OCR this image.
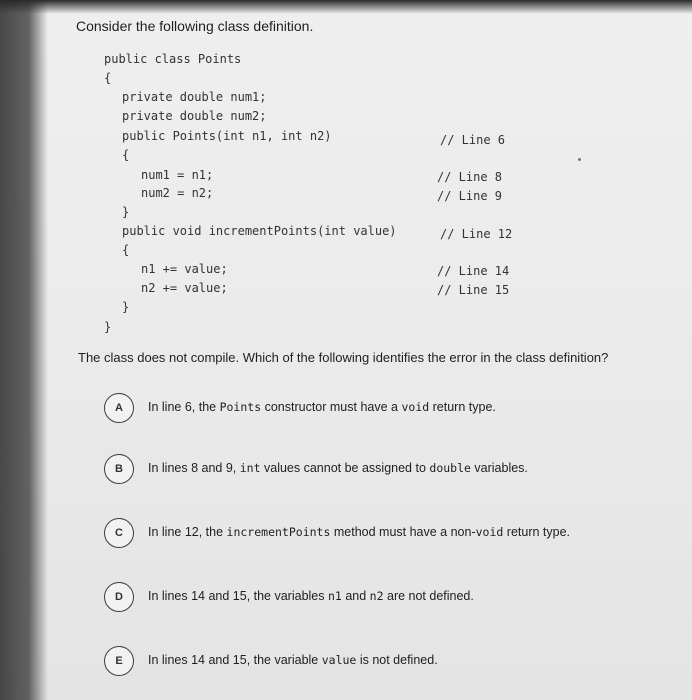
Consider the following class definition.
public class Points
{
private double num1;
private double num2;
public Points(int n1, int n2)
{
num1 = n1;
num2 = n2;
}
public void incrementPoints(int value)
{
n1 += value;
n2 += value;
}
}
// Line 6
// Line 8
// Line 9
// Line 12
// Line 14
// Line 15
The class does not compile. Which of the following identifies the error in the class definition?
A	In line 6, the Points constructor must have a void return type.
B	In lines 8 and 9, int values cannot be assigned to double variables.
C	In line 12, the incrementPoints method must have a non-void return type.
D	In lines 14 and 15, the variables n1 and n2 are not defined.
E	In lines 14 and 15, the variable value is not defined.
